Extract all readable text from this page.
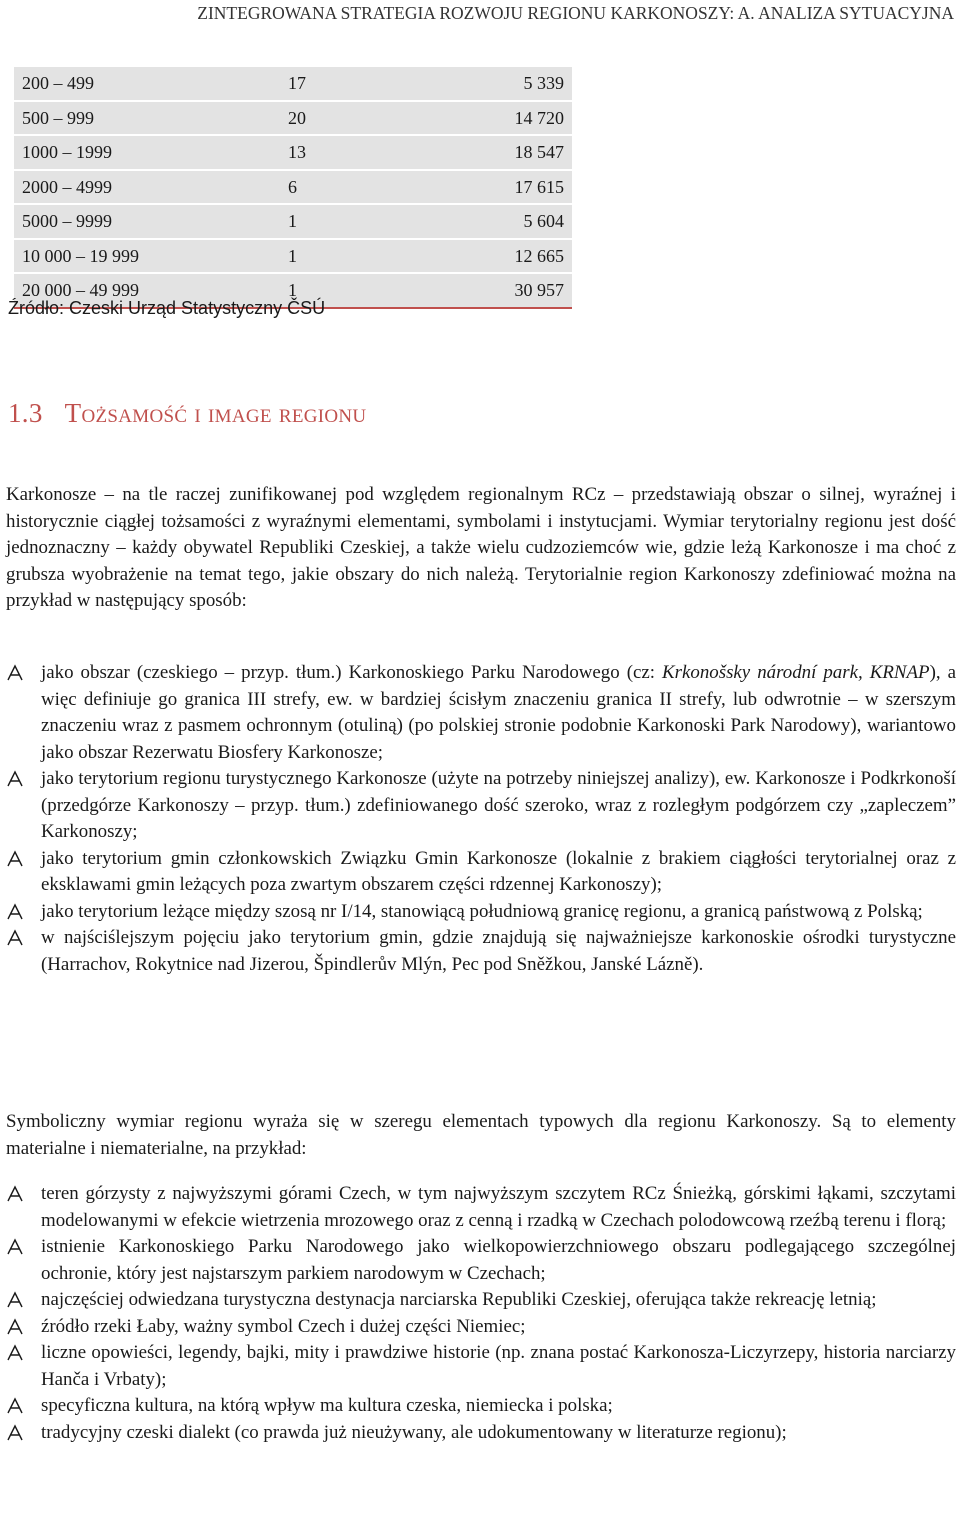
ZINTEGROWANA STRATEGIA ROZWOJU REGIONU KARKONOSZY: A. ANALIZA SYTUACYJNA
200 – 499	17	5 339
500 – 999	20	14 720
1000 – 1999	13	18 547
2000 – 4999	6	17 615
5000 – 9999	1	5 604
10 000 – 19 999	1	12 665
20 000 – 49 999	1	30 957
Źródło: Czeski Urząd Statystyczny ČSÚ
1.3 Tożsamość i image regionu

Karkonosze – na tle raczej zunifikowanej pod względem regionalnym RCz – przedstawiają obszar o silnej, wyraźnej i historycznie ciągłej tożsamości z wyraźnymi elementami, symbolami i instytucjami. Wymiar terytorialny regionu jest dość jednoznaczny – każdy obywatel Republiki Czeskiej, a także wielu cudzoziemców wie, gdzie leżą Karkonosze i ma choć z grubsza wyobrażenie na temat tego, jakie obszary do nich należą. Terytorialnie region Karkonoszy zdefiniować można na przykład w następujący sposób:

jako obszar (czeskiego – przyp. tłum.) Karkonoskiego Parku Narodowego (cz: Krkonošsky národní park, KRNAP), a więc definiuje go granica III strefy, ew. w bardziej ścisłym znaczeniu granica II strefy, lub odwrotnie – w szerszym znaczeniu wraz z pasmem ochronnym (otuliną) (po polskiej stronie podobnie Karkonoski Park Narodowy), wariantowo jako obszar Rezerwatu Biosfery Karkonosze;
jako terytorium regionu turystycznego Karkonosze (użyte na potrzeby niniejszej analizy), ew. Karkonosze i Podkrkonoší (przedgórze Karkonoszy – przyp. tłum.) zdefiniowanego dość szeroko, wraz z rozległym podgórzem czy „zapleczem” Karkonoszy;
jako terytorium gmin członkowskich Związku Gmin Karkonosze (lokalnie z brakiem ciągłości terytorialnej oraz z eksklawami gmin leżących poza zwartym obszarem części rdzennej Karkonoszy);
jako terytorium leżące między szosą nr I/14, stanowiącą południową granicę regionu, a granicą państwową z Polską;
w najściślejszym pojęciu jako terytorium gmin, gdzie znajdują się najważniejsze karkonoskie ośrodki turystyczne (Harrachov, Rokytnice nad Jizerou, Špindlerův Mlýn, Pec pod Sněžkou, Janské Lázně).

Symboliczny wymiar regionu wyraża się w szeregu elementach typowych dla regionu Karkonoszy. Są to elementy materialne i niematerialne, na przykład:

teren górzysty z najwyższymi górami Czech, w tym najwyższym szczytem RCz Śnieżką, górskimi łąkami, szczytami modelowanymi w efekcie wietrzenia mrozowego oraz z cenną i rzadką w Czechach polodowcową rzeźbą terenu i florą;
istnienie Karkonoskiego Parku Narodowego jako wielkopowierzchniowego obszaru podlegającego szczególnej ochronie, który jest najstarszym parkiem narodowym w Czechach;
najczęściej odwiedzana turystyczna destynacja narciarska Republiki Czeskiej, oferująca także rekreację letnią;
źródło rzeki Łaby, ważny symbol Czech i dużej części Niemiec;
liczne opowieści, legendy, bajki, mity i prawdziwe historie (np. znana postać Karkonosza-Liczyrzepy, historia narciarzy Hanča i Vrbaty);
specyficzna kultura, na którą wpływ ma kultura czeska, niemiecka i polska;
tradycyjny czeski dialekt (co prawda już nieużywany, ale udokumentowany w literaturze regionu);
